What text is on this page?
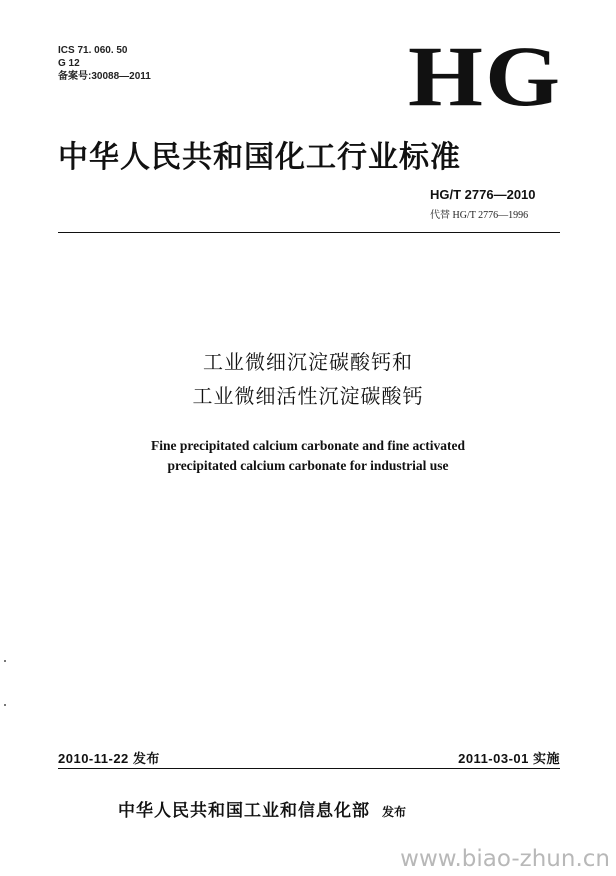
ICS 71. 060. 50
G 12
备案号:30088—2011	HG
中华人民共和国化工行业标准
HG/T 2776—2010
代替 HG/T 2776—1996
工业微细沉淀碳酸钙和
工业微细活性沉淀碳酸钙
Fine precipitated calcium carbonate and fine activated
precipitated calcium carbonate for industrial use
2010-11-22 发布	2011-03-01 实施
中华人民共和国工业和信息化部 发布
www.biao-zhun.cn
